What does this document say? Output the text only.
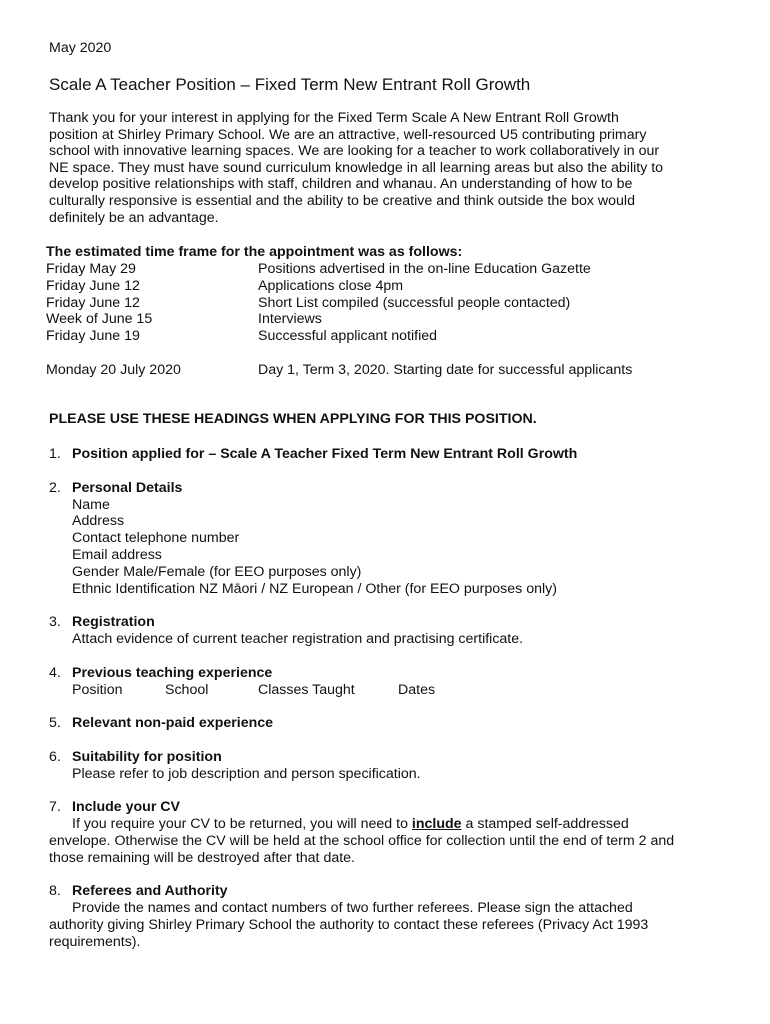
May 2020
Scale A Teacher Position – Fixed Term New Entrant Roll Growth
Thank you for your interest in applying for the Fixed Term Scale A New Entrant Roll Growth
position at Shirley Primary School. We are an attractive, well-resourced U5 contributing primary
school with innovative learning spaces. We are looking for a teacher to work collaboratively in our
NE space. They must have sound curriculum knowledge in all learning areas but also the ability to
develop positive relationships with staff, children and whanau. An understanding of how to be
culturally responsive is essential and the ability to be creative and think outside the box would
definitely be an advantage.
The estimated time frame for the appointment was as follows:
Friday May 29	Positions advertised in the on-line Education Gazette
Friday June 12	Applications close 4pm
Friday June 12	Short List compiled (successful people contacted)
Week of June 15	Interviews
Friday June 19	Successful applicant notified
Monday 20 July 2020	Day 1, Term 3, 2020. Starting date for successful applicants
PLEASE USE THESE HEADINGS WHEN APPLYING FOR THIS POSITION.
1. Position applied for – Scale A Teacher Fixed Term New Entrant Roll Growth
2. Personal Details
Name
Address
Contact telephone number
Email address
Gender Male/Female (for EEO purposes only)
Ethnic Identification NZ Māori / NZ European / Other (for EEO purposes only)
3. Registration
Attach evidence of current teacher registration and practising certificate.
4. Previous teaching experience
Position	School	Classes Taught	Dates
5. Relevant non-paid experience
6. Suitability for position
Please refer to job description and person specification.
7. Include your CV
If you require your CV to be returned, you will need to include a stamped self-addressed
envelope. Otherwise the CV will be held at the school office for collection until the end of term 2 and
those remaining will be destroyed after that date.
8. Referees and Authority
Provide the names and contact numbers of two further referees. Please sign the attached
authority giving Shirley Primary School the authority to contact these referees (Privacy Act 1993
requirements).
